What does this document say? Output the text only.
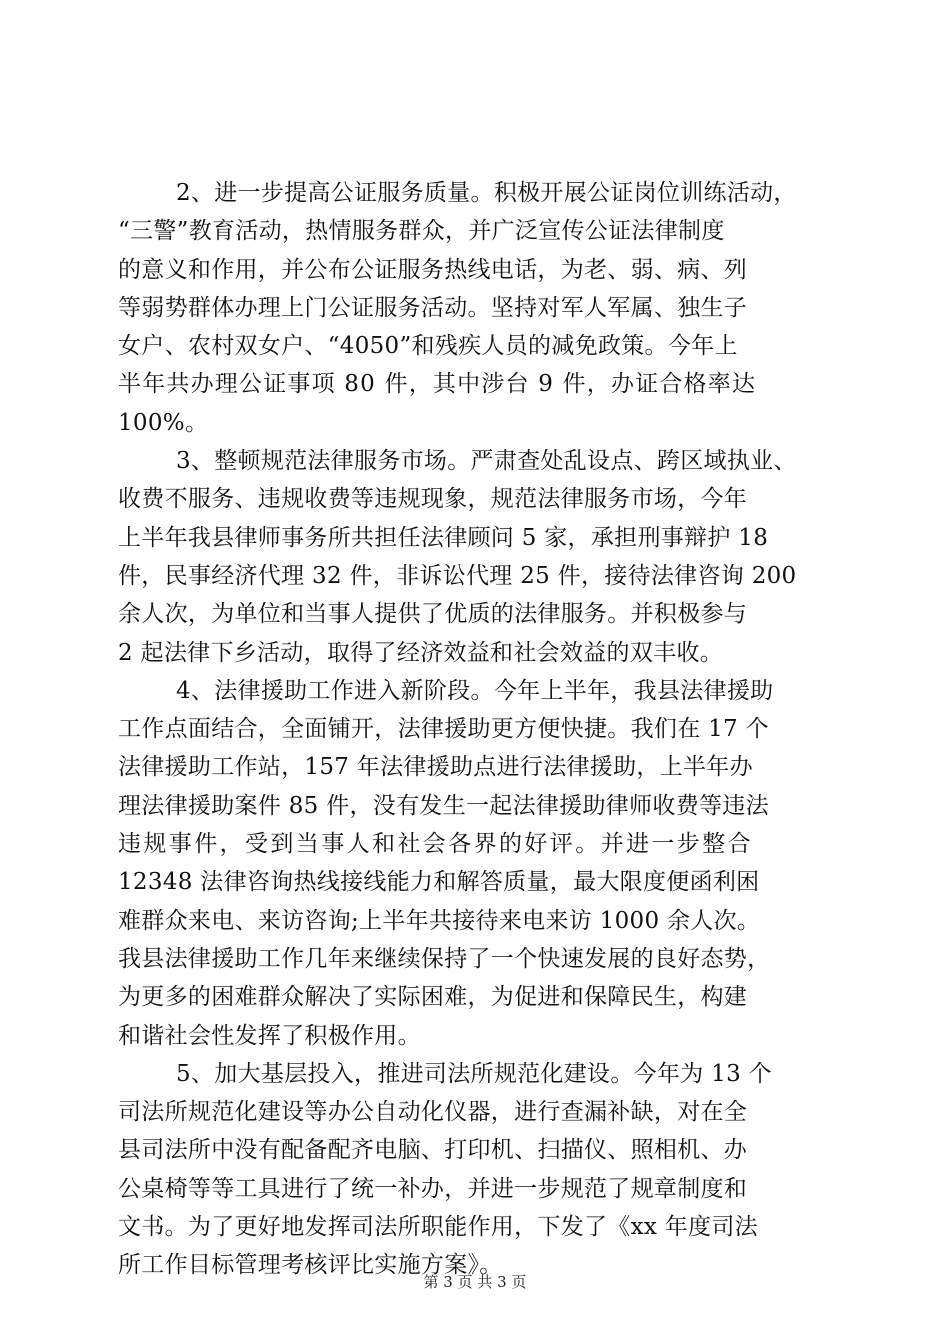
2、进一步提高公证服务质量。积极开展公证岗位训练活动，
“三警”教育活动，热情服务群众，并广泛宣传公证法律制度
的意义和作用，并公布公证服务热线电话，为老、弱、病、列
等弱势群体办理上门公证服务活动。坚持对军人军属、独生子
女户、农村双女户、“4050”和残疾人员的减免政策。今年上
半年共办理公证事项 80 件，其中涉台 9 件，办证合格率达
100%。
3、整顿规范法律服务市场。严肃查处乱设点、跨区域执业、
收费不服务、违规收费等违规现象，规范法律服务市场，今年
上半年我县律师事务所共担任法律顾问 5 家，承担刑事辩护 18
件，民事经济代理 32 件，非诉讼代理 25 件，接待法律咨询 200
余人次，为单位和当事人提供了优质的法律服务。并积极参与
2 起法律下乡活动，取得了经济效益和社会效益的双丰收。
4、法律援助工作进入新阶段。今年上半年，我县法律援助
工作点面结合，全面铺开，法律援助更方便快捷。我们在 17 个
法律援助工作站，157 年法律援助点进行法律援助，上半年办
理法律援助案件 85 件，没有发生一起法律援助律师收费等违法
违规事件，受到当事人和社会各界的好评。并进一步整合
12348 法律咨询热线接线能力和解答质量，最大限度便函利困
难群众来电、来访咨询;上半年共接待来电来访 1000 余人次。
我县法律援助工作几年来继续保持了一个快速发展的良好态势，
为更多的困难群众解决了实际困难，为促进和保障民生，构建
和谐社会性发挥了积极作用。
5、加大基层投入，推进司法所规范化建设。今年为 13 个
司法所规范化建设等办公自动化仪器，进行查漏补缺，对在全
县司法所中没有配备配齐电脑、打印机、扫描仪、照相机、办
公桌椅等等工具进行了统一补办，并进一步规范了规章制度和
文书。为了更好地发挥司法所职能作用，下发了《xx 年度司法
所工作目标管理考核评比实施方案》。
第 3 页 共 3 页
